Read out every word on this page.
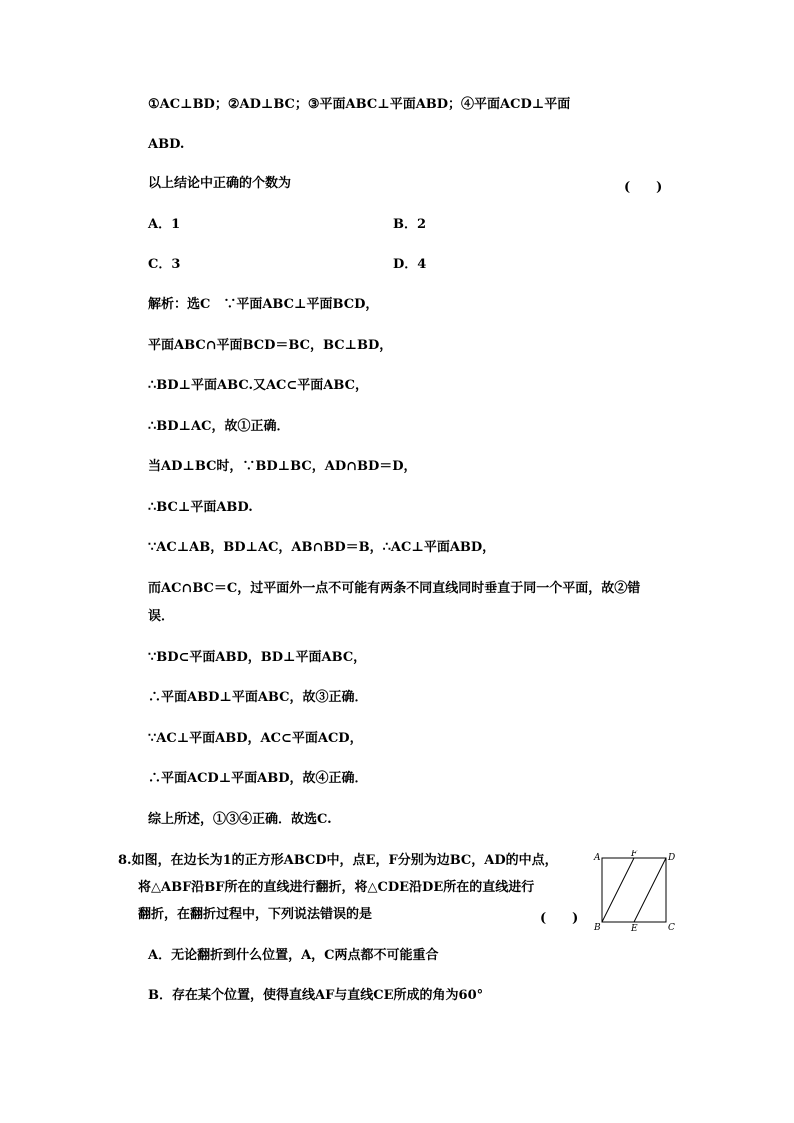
①AC⊥BD；②AD⊥BC；③平面ABC⊥平面ABD；④平面ACD⊥平面
ABD.
以上结论中正确的个数为	(　　)
A．1	B．2
C．3	D．4
解析：选C　∵平面ABC⊥平面BCD，
平面ABC∩平面BCD＝BC，BC⊥BD，
∴BD⊥平面ABC.又AC⊂平面ABC，
∴BD⊥AC，故①正确．
当AD⊥BC时，∵BD⊥BC，AD∩BD＝D，
∴BC⊥平面ABD.
∵AC⊥AB，BD⊥AC，AB∩BD＝B，∴AC⊥平面ABD，
而AC∩BC＝C，过平面外一点不可能有两条不同直线同时垂直于同一个平面，故②错
误．
∵BD⊂平面ABD，BD⊥平面ABC，
∴平面ABD⊥平面ABC，故③正确．
∵AC⊥平面ABD，AC⊂平面ACD，
∴平面ACD⊥平面ABD，故④正确．
综上所述，①③④正确．故选C.
8.如图，在边长为1的正方形ABCD中，点E，F分别为边BC，AD的中点，
将△ABF沿BF所在的直线进行翻折，将△CDE沿DE所在的直线进行
翻折，在翻折过程中，下列说法错误的是	(　　)
A．无论翻折到什么位置，A，C两点都不可能重合
B．存在某个位置，使得直线AF与直线CE所成的角为60°
A	F	D
B	E	C
